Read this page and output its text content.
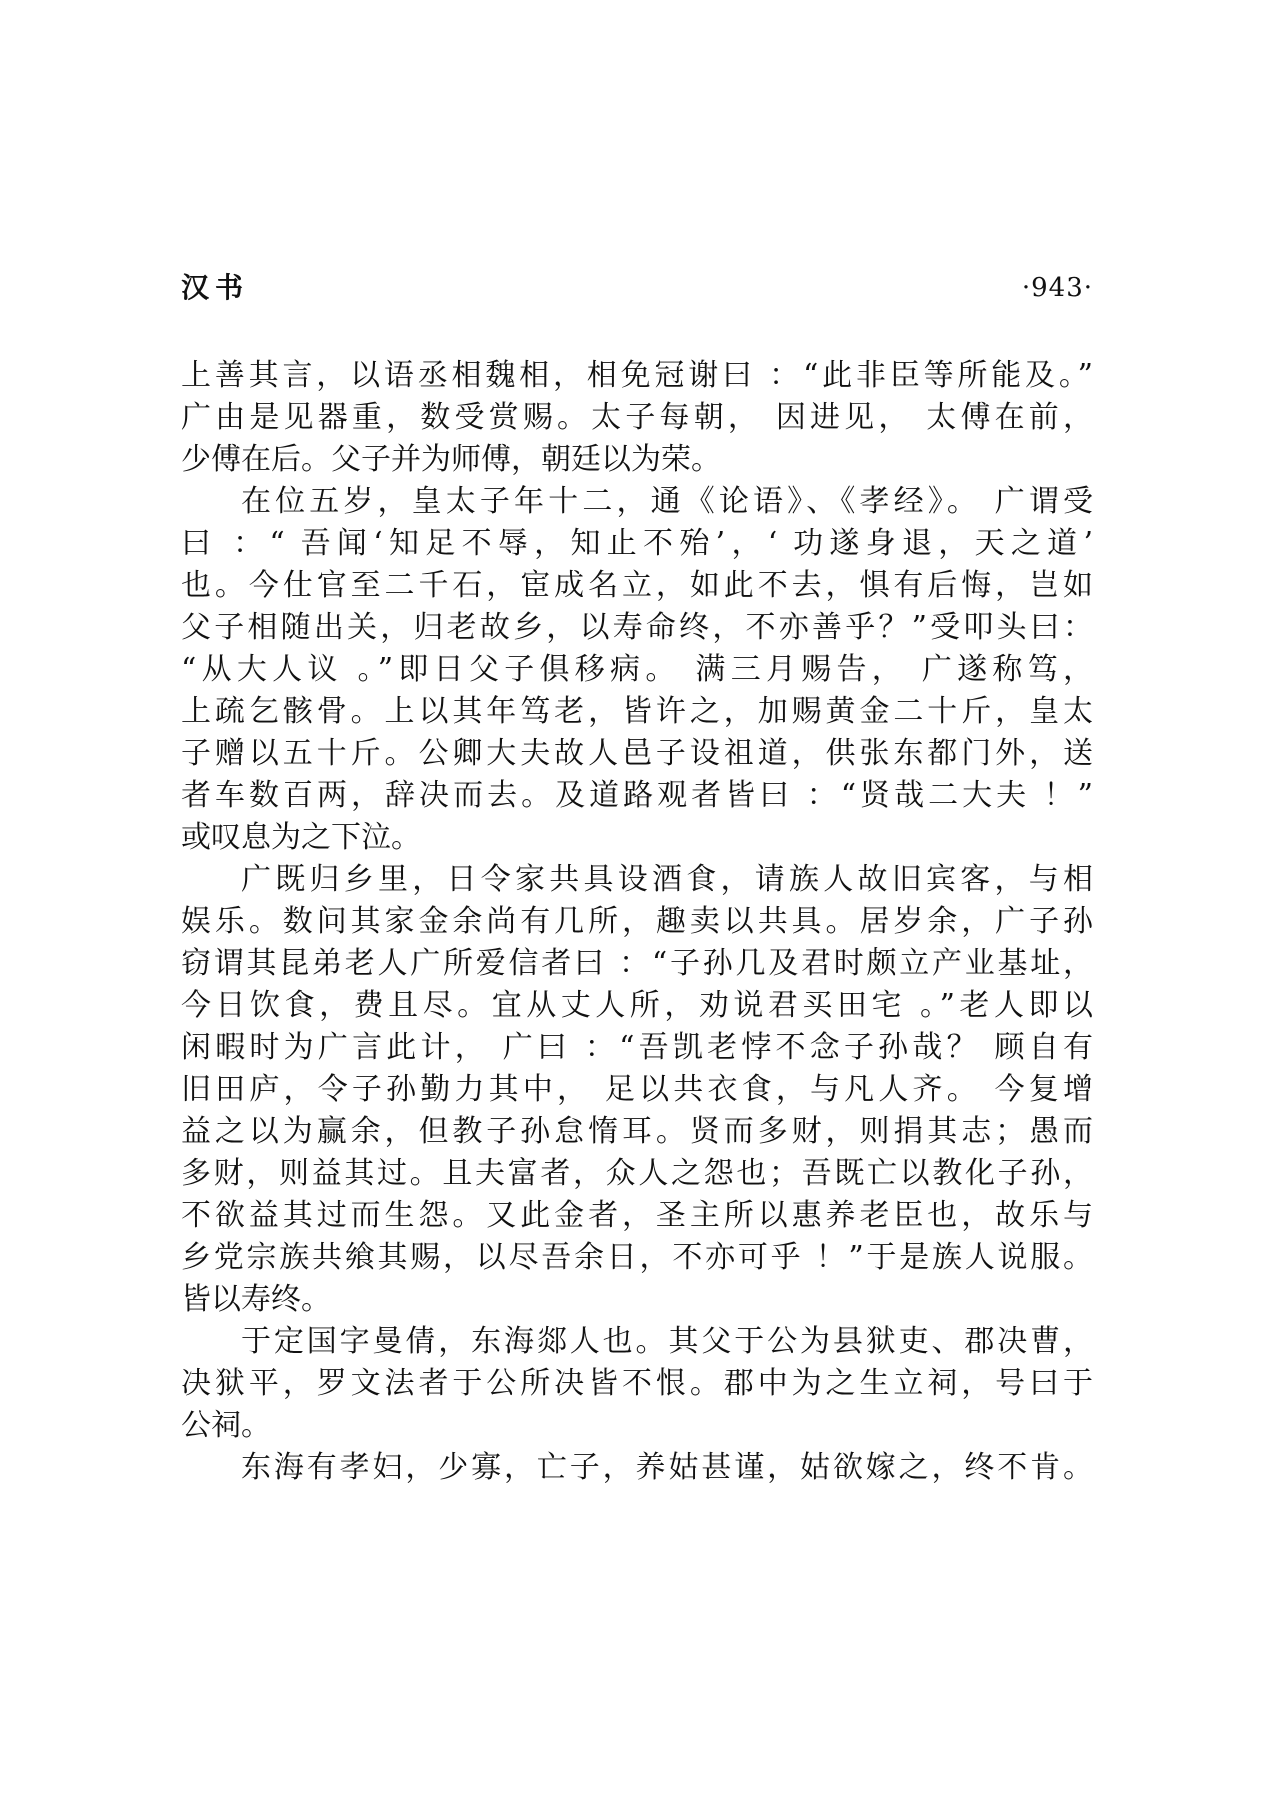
汉书	·943·
上善其言，以语丞相魏相，相免冠谢曰 ：“此非臣等所能及。”
广由是见器重，数受赏赐。太子每朝， 因进见， 太傅在前，
少傅在后。父子并为师傅，朝廷以为荣。
在位五岁，皇太子年十二，通《论语》、《孝经》。 广谓受
曰 ：“ 吾闻‘知足不辱，知止不殆’，‘ 功遂身退，天之道’
也。今仕官至二千石，宦成名立，如此不去，惧有后悔，岂如
父子相随出关，归老故乡，以寿命终，不亦善乎？”受叩头曰：
“从大人议 。”即日父子俱移病。 满三月赐告， 广遂称笃，
上疏乞骸骨。上以其年笃老，皆许之，加赐黄金二十斤，皇太
子赠以五十斤。公卿大夫故人邑子设祖道，供张东都门外，送
者车数百两，辞决而去。及道路观者皆曰 ：“贤哉二大夫 ！”
或叹息为之下泣。
广既归乡里，日令家共具设酒食，请族人故旧宾客，与相
娱乐。数问其家金余尚有几所，趣卖以共具。居岁余，广子孙
窃谓其昆弟老人广所爱信者曰 ：“子孙几及君时颇立产业基址，
今日饮食，费且尽。宜从丈人所，劝说君买田宅 。”老人即以
闲暇时为广言此计， 广曰 ：“吾凯老悖不念子孙哉？ 顾自有
旧田庐，令子孙勤力其中， 足以共衣食，与凡人齐。 今复增
益之以为赢余，但教子孙怠惰耳。贤而多财，则捐其志；愚而
多财，则益其过。且夫富者，众人之怨也；吾既亡以教化子孙，
不欲益其过而生怨。又此金者，圣主所以惠养老臣也，故乐与
乡党宗族共飨其赐，以尽吾余日，不亦可乎 ！”于是族人说服。
皆以寿终。
于定国字曼倩，东海郯人也。其父于公为县狱吏、郡决曹，
决狱平，罗文法者于公所决皆不恨。郡中为之生立祠，号曰于
公祠。
东海有孝妇，少寡，亡子，养姑甚谨，姑欲嫁之，终不肯。
